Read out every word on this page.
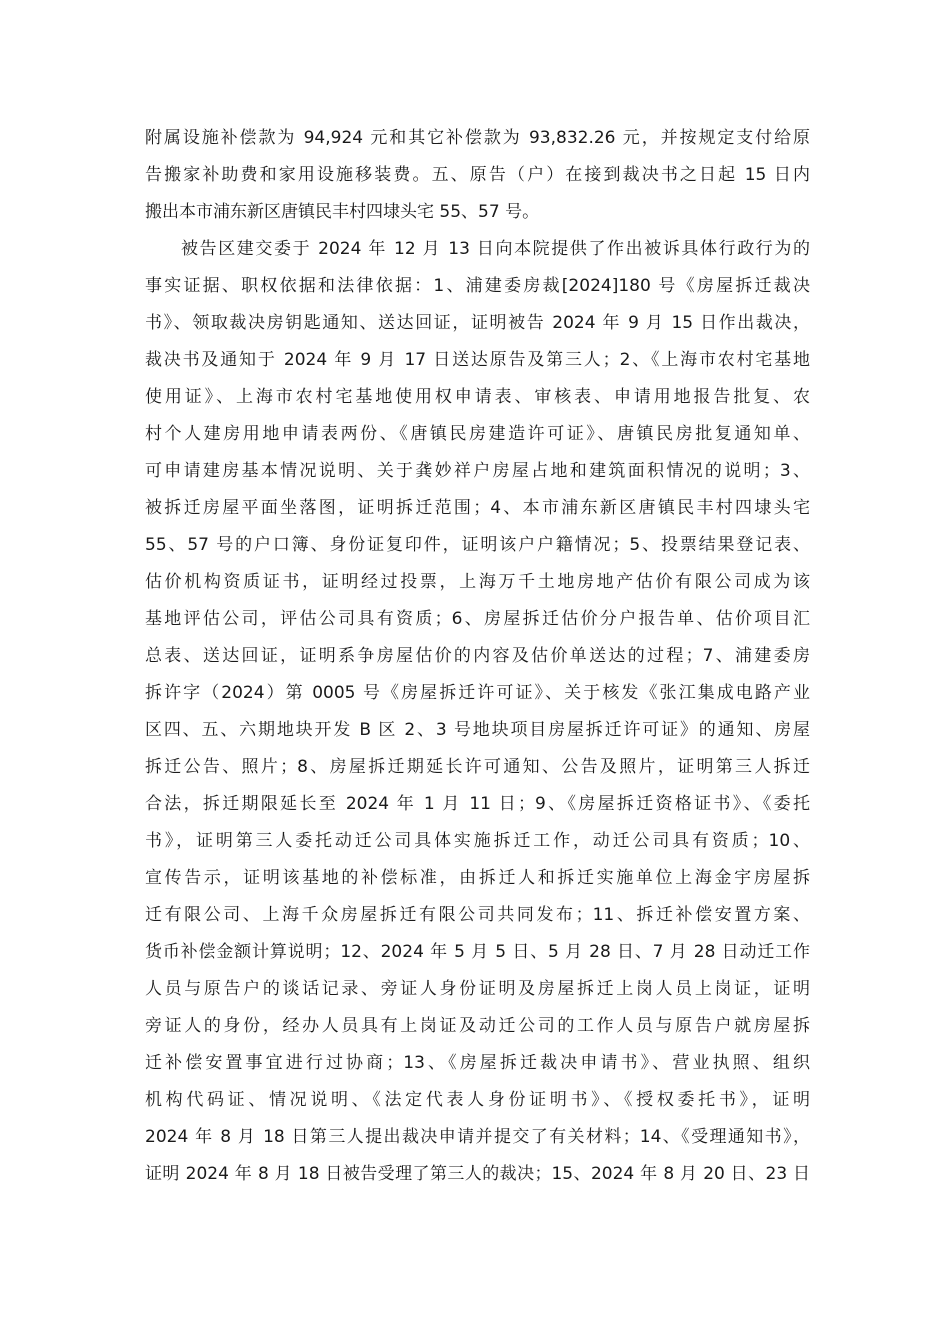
附属设施补偿款为 94,924 元和其它补偿款为 93,832.26 元，并按规定支付给原
告搬家补助费和家用设施移装费。五、原告（户）在接到裁决书之日起 15 日内
搬出本市浦东新区唐镇民丰村四埭头宅 55、57 号。
被告区建交委于 2024 年 12 月 13 日向本院提供了作出被诉具体行政行为的
事实证据、职权依据和法律依据：1、浦建委房裁[2024]180 号《房屋拆迁裁决
书》、领取裁决房钥匙通知、送达回证，证明被告 2024 年 9 月 15 日作出裁决，
裁决书及通知于 2024 年 9 月 17 日送达原告及第三人；2、《上海市农村宅基地
使用证》、上海市农村宅基地使用权申请表、审核表、申请用地报告批复、农
村个人建房用地申请表两份、《唐镇民房建造许可证》、唐镇民房批复通知单、
可申请建房基本情况说明、关于龚妙祥户房屋占地和建筑面积情况的说明；3、
被拆迁房屋平面坐落图，证明拆迁范围；4、本市浦东新区唐镇民丰村四埭头宅
55、57 号的户口簿、身份证复印件，证明该户户籍情况；5、投票结果登记表、
估价机构资质证书，证明经过投票，上海万千土地房地产估价有限公司成为该
基地评估公司，评估公司具有资质；6、房屋拆迁估价分户报告单、估价项目汇
总表、送达回证，证明系争房屋估价的内容及估价单送达的过程；7、浦建委房
拆许字（2024）第 0005 号《房屋拆迁许可证》、关于核发《张江集成电路产业
区四、五、六期地块开发 B 区 2、3 号地块项目房屋拆迁许可证》的通知、房屋
拆迁公告、照片；8、房屋拆迁期延长许可通知、公告及照片，证明第三人拆迁
合法，拆迁期限延长至 2024 年 1 月 11 日；9、《房屋拆迁资格证书》、《委托
书》，证明第三人委托动迁公司具体实施拆迁工作，动迁公司具有资质；10、
宣传告示，证明该基地的补偿标准，由拆迁人和拆迁实施单位上海金宇房屋拆
迁有限公司、上海千众房屋拆迁有限公司共同发布；11、拆迁补偿安置方案、
货币补偿金额计算说明；12、2024 年 5 月 5 日、5 月 28 日、7 月 28 日动迁工作
人员与原告户的谈话记录、旁证人身份证明及房屋拆迁上岗人员上岗证，证明
旁证人的身份，经办人员具有上岗证及动迁公司的工作人员与原告户就房屋拆
迁补偿安置事宜进行过协商；13、《房屋拆迁裁决申请书》、营业执照、组织
机构代码证、情况说明、《法定代表人身份证明书》、《授权委托书》，证明
2024 年 8 月 18 日第三人提出裁决申请并提交了有关材料；14、《受理通知书》，
证明 2024 年 8 月 18 日被告受理了第三人的裁决；15、2024 年 8 月 20 日、23 日
